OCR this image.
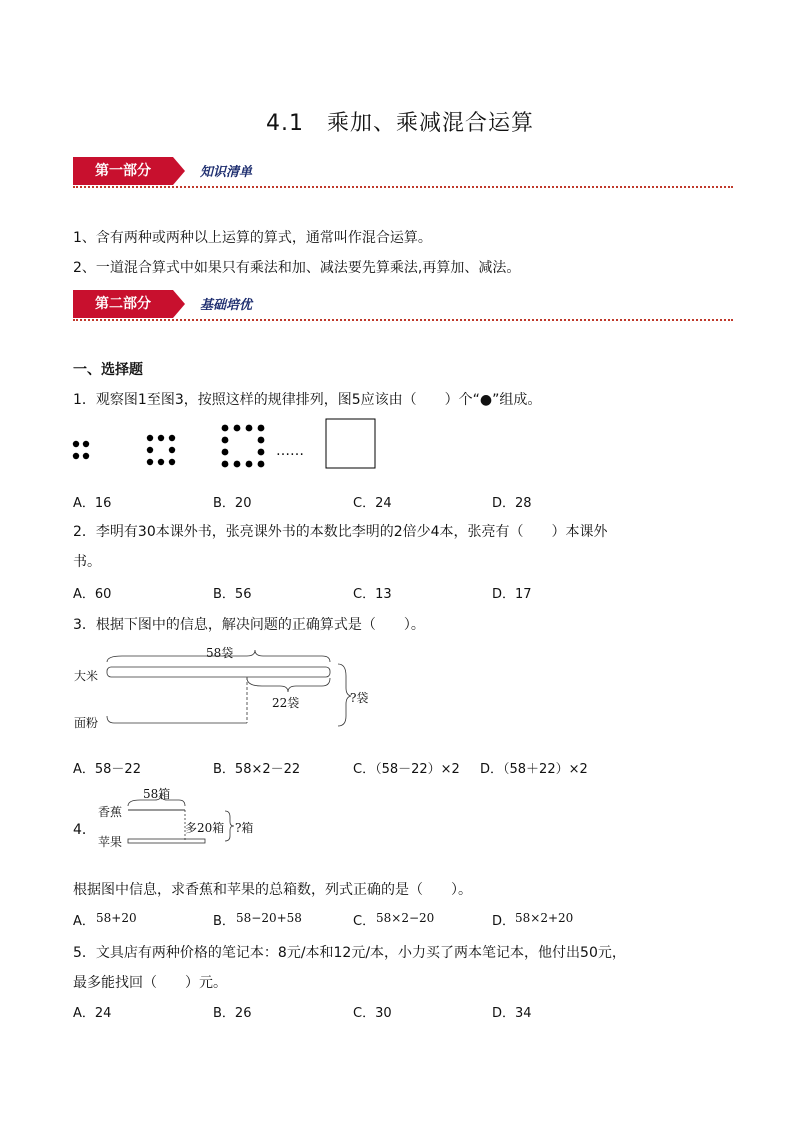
4.1　乘加、乘减混合运算
第一部分	知识清单
1、含有两种或两种以上运算的算式，通常叫作混合运算。
2、一道混合算式中如果只有乘法和加、减法要先算乘法,再算加、减法。
第二部分	基础培优
一、选择题
1．观察图1至图3，按照这样的规律排列，图5应该由（　　）个“●”组成。
……
A．16	B．20	C．24	D．28
2．李明有30本课外书，张亮课外书的本数比李明的2倍少4本，张亮有（　　）本课外
书。
A．60	B．56	C．13	D．17
3．根据下图中的信息，解决问题的正确算式是（　　）。
58袋
大米
22袋	?袋
面粉
A．58－22	B．58×2－22	C．（58－22）×2 D．（58＋22）×2
4．
58箱
香蕉
多20箱 ?箱
苹果
根据图中信息，求香蕉和苹果的总箱数，列式正确的是（　　）。
A． 58+20	B． 58−20+58	C． 58×2−20	D． 58×2+20
5．文具店有两种价格的笔记本：8元/本和12元/本，小力买了两本笔记本，他付出50元，
最多能找回（　　）元。
A．24	B．26	C．30	D．34
